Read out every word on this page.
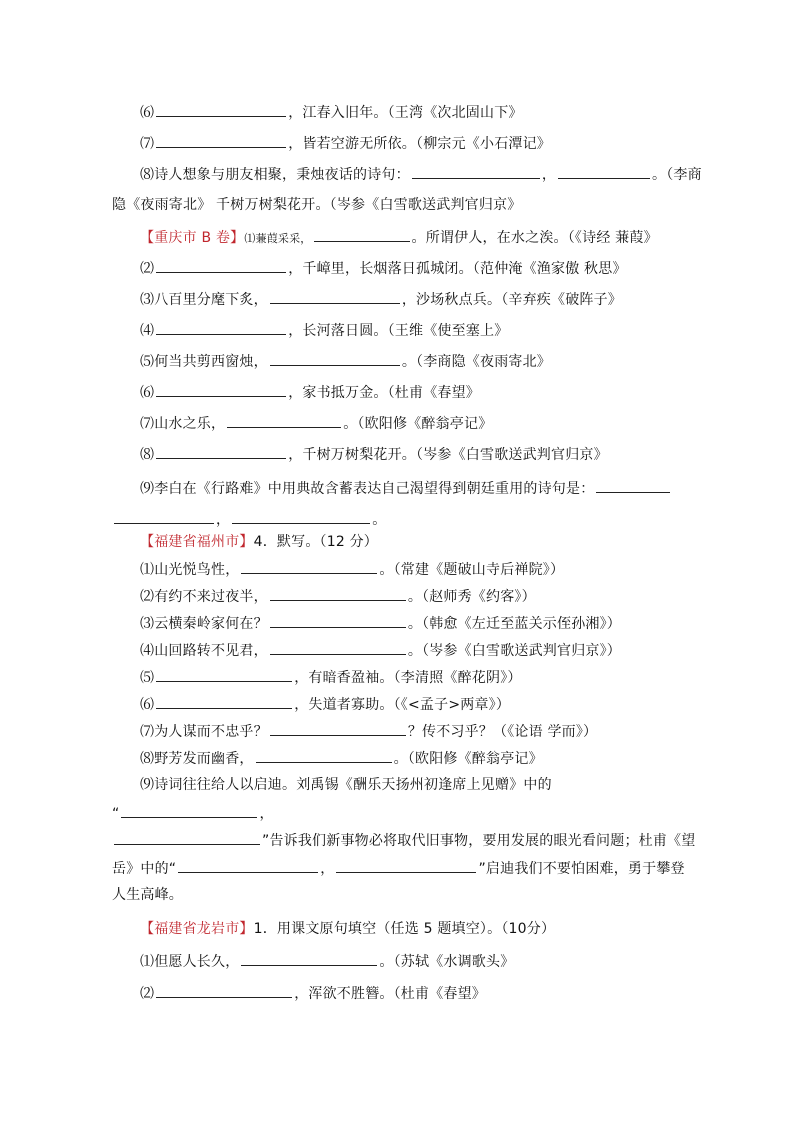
⑹	，江春入旧年。（王湾《次北固山下》
⑺	，皆若空游无所依。（柳宗元《小石潭记》
⑻诗人想象与朋友相聚，秉烛夜话的诗句：	，	。（李商
隐《夜雨寄北》 千树万树梨花开。（岑参《白雪歌送武判官归京》
【重庆市 B 卷】⑴蒹葭采采，	。所谓伊人，在水之涘。（《诗经 蒹葭》
⑵	，千嶂里，长烟落日孤城闭。（范仲淹《渔家傲 秋思》
⑶八百里分麾下炙，	，沙场秋点兵。（辛弃疾《破阵子》
⑷	，长河落日圆。（王维《使至塞上》
⑸何当共剪西窗烛，	。（李商隐《夜雨寄北》
⑹	，家书抵万金。（杜甫《春望》
⑺山水之乐，	。（欧阳修《醉翁亭记》
⑻	，千树万树梨花开。（岑参《白雪歌送武判官归京》
⑼李白在《行路难》中用典故含蓄表达自己渴望得到朝廷重用的诗句是：
，	。
【福建省福州市】4．默写。（12 分）
⑴山光悦鸟性，	。（常建《题破山寺后禅院》）
⑵有约不来过夜半，	。（赵师秀《约客》）
⑶云横秦岭家何在？	。（韩愈《左迁至蓝关示侄孙湘》）
⑷山回路转不见君，	。（岑参《白雪歌送武判官归京》）
⑸	，有暗香盈袖。（李清照《醉花阴》）
⑹	，失道者寡助。（《<孟子>两章》）
⑺为人谋而不忠乎？	？传不习乎？（《论语 学而》）
⑻野芳发而幽香，	。（欧阳修《醉翁亭记》
⑼诗词往往给人以启迪。刘禹锡《酬乐天扬州初逢席上见赠》中的
“	，
”告诉我们新事物必将取代旧事物，要用发展的眼光看问题；杜甫《望
岳》中的“	，	”启迪我们不要怕困难，勇于攀登
人生高峰。
【福建省龙岩市】1．用课文原句填空（任选 5 题填空）。（10分）
⑴但愿人长久，	。（苏轼《水调歌头》
⑵	，浑欲不胜簪。（杜甫《春望》
